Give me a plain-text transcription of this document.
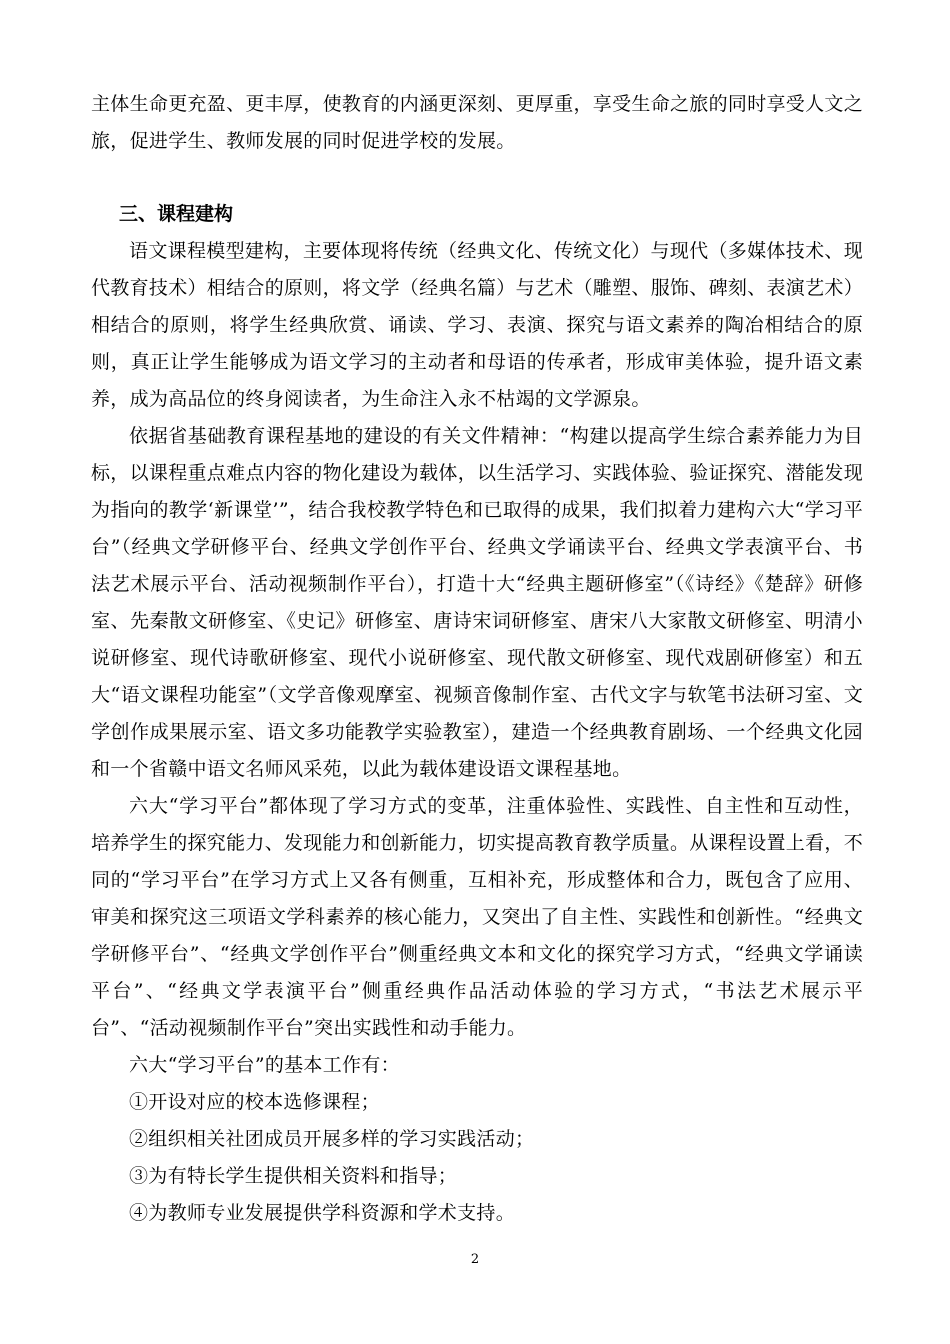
主体生命更充盈、更丰厚，使教育的内涵更深刻、更厚重，享受生命之旅的同时享受人文之旅，促进学生、教师发展的同时促进学校的发展。

三、课程建构

语文课程模型建构，主要体现将传统（经典文化、传统文化）与现代（多媒体技术、现代教育技术）相结合的原则，将文学（经典名篇）与艺术（雕塑、服饰、碑刻、表演艺术）相结合的原则，将学生经典欣赏、诵读、学习、表演、探究与语文素养的陶冶相结合的原则，真正让学生能够成为语文学习的主动者和母语的传承者，形成审美体验，提升语文素养，成为高品位的终身阅读者，为生命注入永不枯竭的文学源泉。

依据省基础教育课程基地的建设的有关文件精神：“构建以提高学生综合素养能力为目标，以课程重点难点内容的物化建设为载体，以生活学习、实践体验、验证探究、潜能发现为指向的教学‘新课堂’”，结合我校教学特色和已取得的成果，我们拟着力建构六大“学习平台”（经典文学研修平台、经典文学创作平台、经典文学诵读平台、经典文学表演平台、书法艺术展示平台、活动视频制作平台），打造十大“经典主题研修室”（《诗经》《楚辞》研修室、先秦散文研修室、《史记》研修室、唐诗宋词研修室、唐宋八大家散文研修室、明清小说研修室、现代诗歌研修室、现代小说研修室、现代散文研修室、现代戏剧研修室）和五大“语文课程功能室”（文学音像观摩室、视频音像制作室、古代文字与软笔书法研习室、文学创作成果展示室、语文多功能教学实验教室），建造一个经典教育剧场、一个经典文化园和一个省赣中语文名师风采苑，以此为载体建设语文课程基地。

六大“学习平台”都体现了学习方式的变革，注重体验性、实践性、自主性和互动性，培养学生的探究能力、发现能力和创新能力，切实提高教育教学质量。从课程设置上看，不同的“学习平台”在学习方式上又各有侧重，互相补充，形成整体和合力，既包含了应用、审美和探究这三项语文学科素养的核心能力，又突出了自主性、实践性和创新性。“经典文学研修平台”、“经典文学创作平台”侧重经典文本和文化的探究学习方式，“经典文学诵读平台”、“经典文学表演平台”侧重经典作品活动体验的学习方式，“书法艺术展示平台”、“活动视频制作平台”突出实践性和动手能力。

六大“学习平台”的基本工作有：

①开设对应的校本选修课程；

②组织相关社团成员开展多样的学习实践活动；

③为有特长学生提供相关资料和指导；

④为教师专业发展提供学科资源和学术支持。

2
